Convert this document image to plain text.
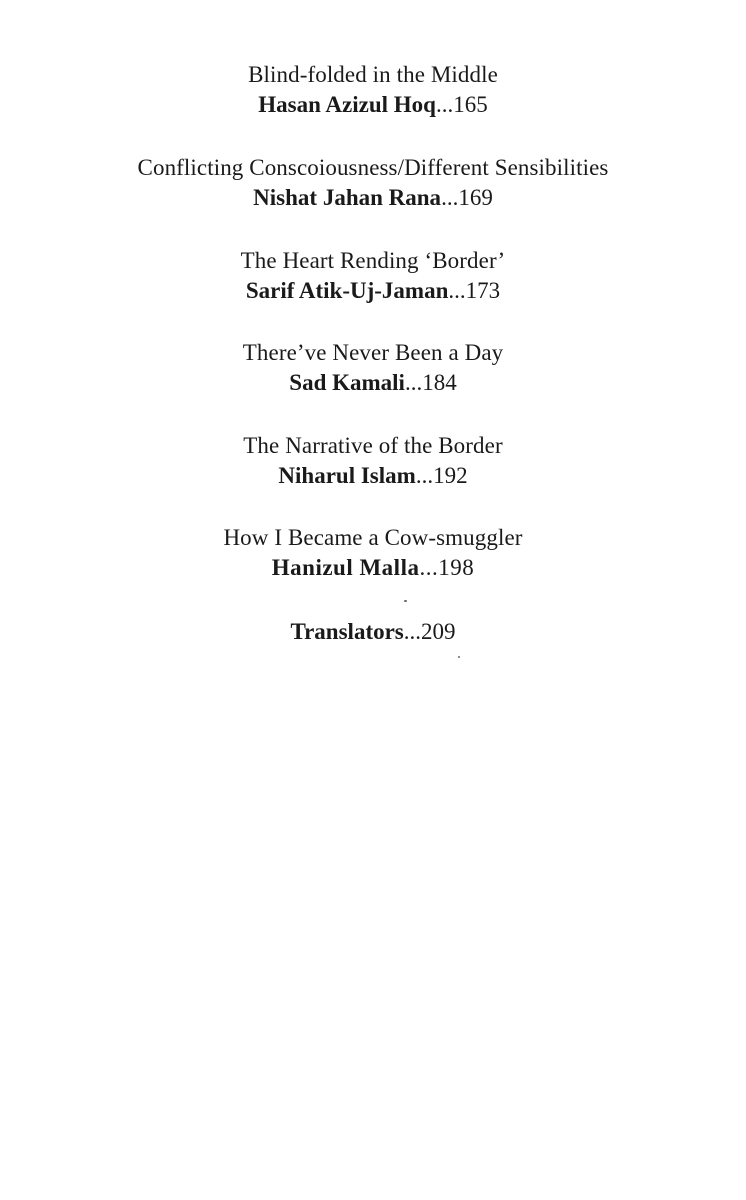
Blind-folded in the Middle
Hasan Azizul Hoq...165
Conflicting Conscoiousness/Different Sensibilities
Nishat Jahan Rana...169
The Heart Rending ‘Border’
Sarif Atik-Uj-Jaman...173
There’ve Never Been a Day
Sad Kamali...184
The Narrative of the Border
Niharul Islam...192
How I Became a Cow-smuggler
Hanizul Malla...198
Translators...209
